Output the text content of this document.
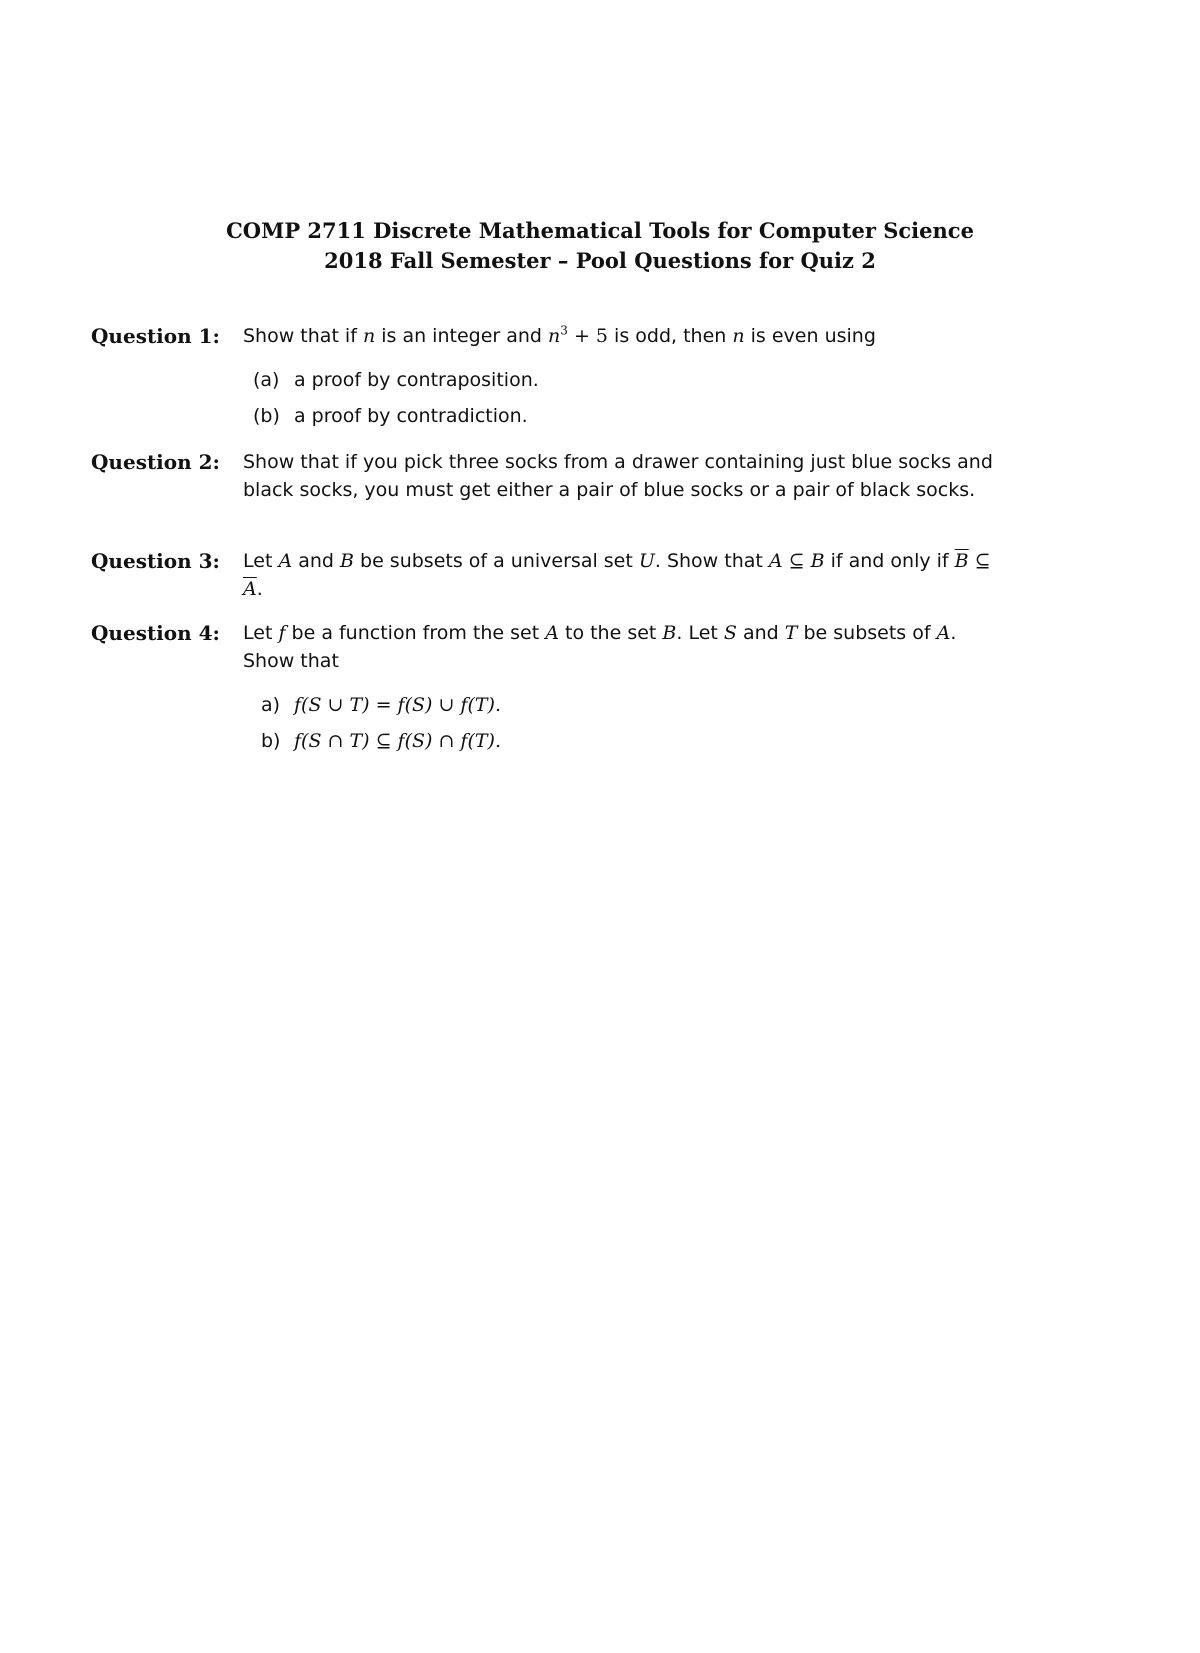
COMP 2711 Discrete Mathematical Tools for Computer Science
2018 Fall Semester – Pool Questions for Quiz 2
Question 1: Show that if n is an integer and $n^3 + 5$ is odd, then n is even using

(a) a proof by contraposition.
(b) a proof by contradiction.
Question 2: Show that if you pick three socks from a drawer containing just blue socks and black socks, you must get either a pair of blue socks or a pair of black socks.

Question 3: Let A and B be subsets of a universal set U. Show that A ⊆ B if and only if $\overline{B}$ ⊆ $\overline{A}$.

Question 4: Let f be a function from the set A to the set B. Let S and T be subsets of A. Show that

a) f(S ∪ T) = f(S) ∪ f(T).
b) f(S ∩ T) ⊆ f(S) ∩ f(T).
